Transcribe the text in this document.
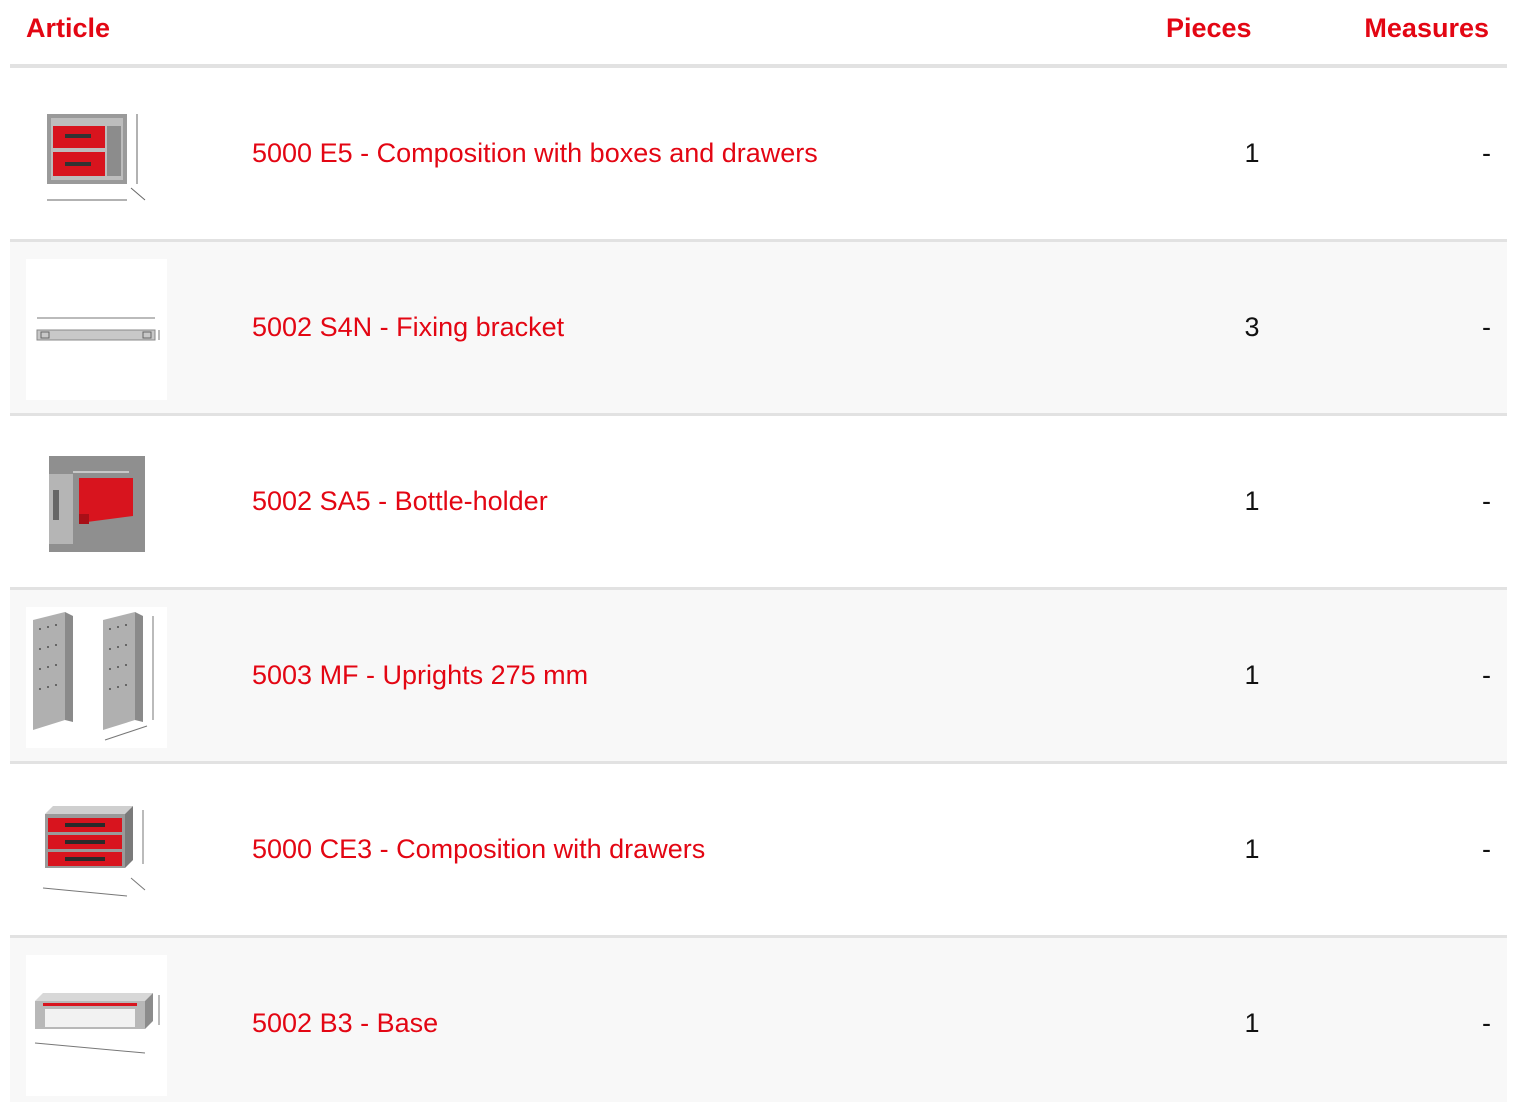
Article	Pieces	Measures
5000 E5 - Composition with boxes and drawers	1	-
5002 S4N - Fixing bracket	3	-
5002 SA5 - Bottle-holder	1	-
5003 MF - Uprights 275 mm	1	-
5000 CE3 - Composition with drawers	1	-
5002 B3 - Base	1	-
